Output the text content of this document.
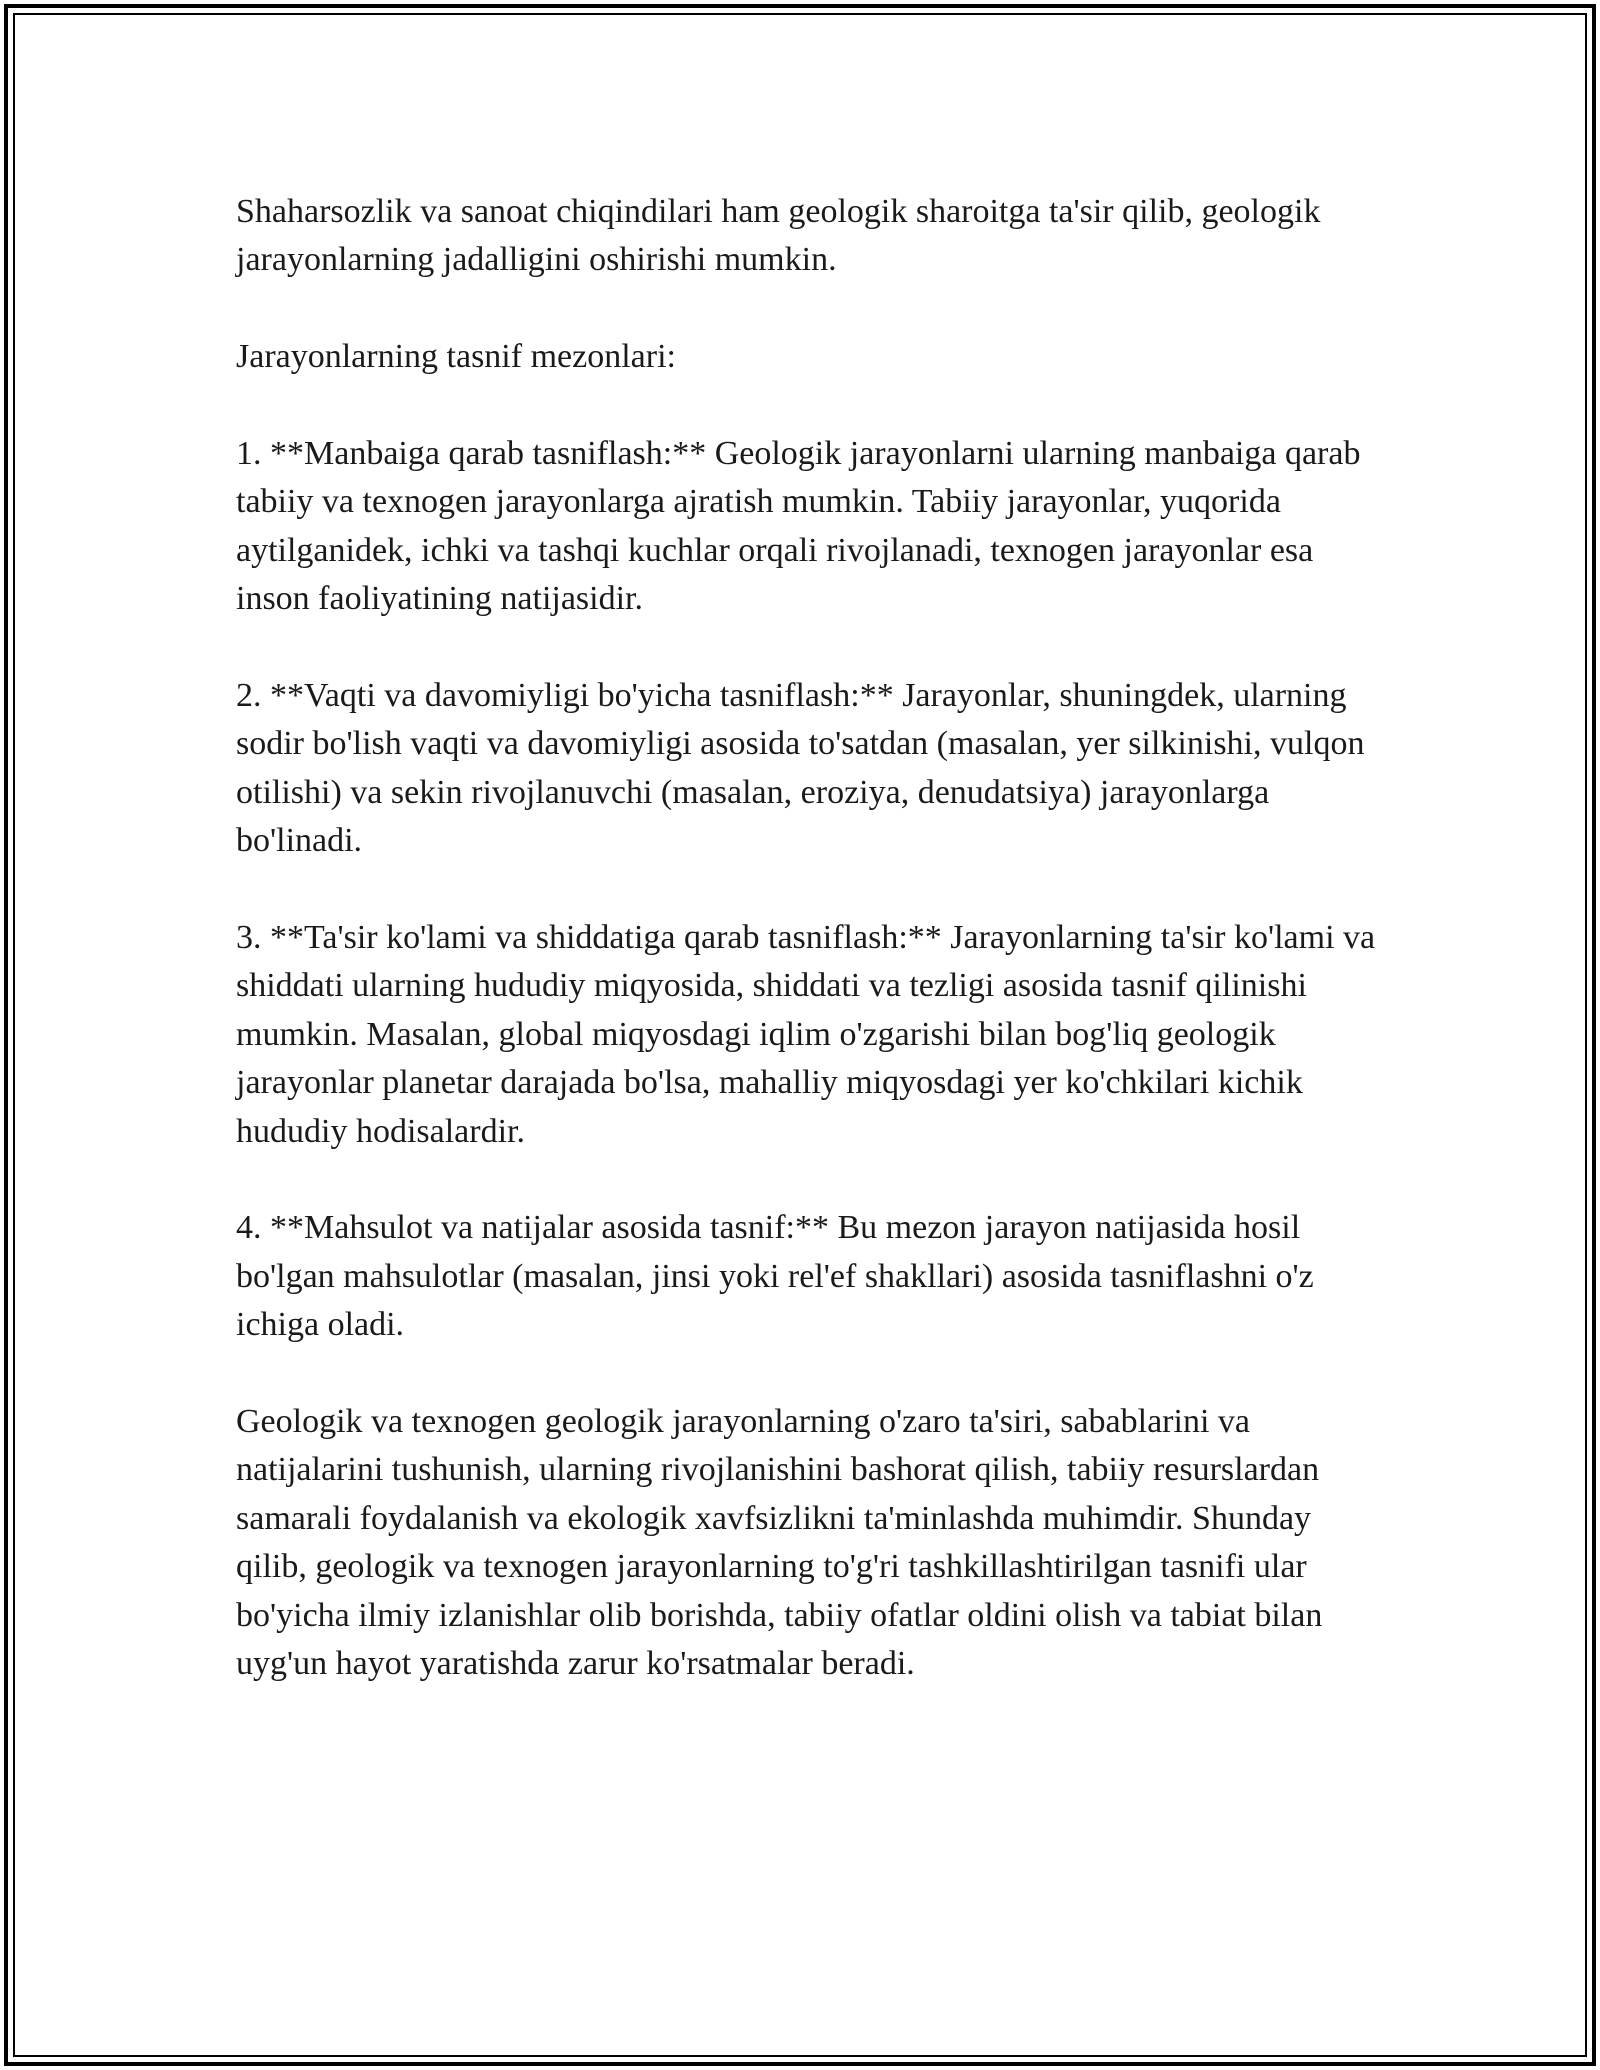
Shaharsozlik va sanoat chiqindilari ham geologik sharoitga ta'sir qilib, geologik jarayonlarning jadalligini oshirishi mumkin.

Jarayonlarning tasnif mezonlari:

1. **Manbaiga qarab tasniflash:** Geologik jarayonlarni ularning manbaiga qarab tabiiy va texnogen jarayonlarga ajratish mumkin. Tabiiy jarayonlar, yuqorida aytilganidek, ichki va tashqi kuchlar orqali rivojlanadi, texnogen jarayonlar esa inson faoliyatining natijasidir.

2. **Vaqti va davomiyligi bo'yicha tasniflash:** Jarayonlar, shuningdek, ularning sodir bo'lish vaqti va davomiyligi asosida to'satdan (masalan, yer silkinishi, vulqon otilishi) va sekin rivojlanuvchi (masalan, eroziya, denudatsiya) jarayonlarga bo'linadi.

3. **Ta'sir ko'lami va shiddatiga qarab tasniflash:** Jarayonlarning ta'sir ko'lami va shiddati ularning hududiy miqyosida, shiddati va tezligi asosida tasnif qilinishi mumkin. Masalan, global miqyosdagi iqlim o'zgarishi bilan bog'liq geologik jarayonlar planetar darajada bo'lsa, mahalliy miqyosdagi yer ko'chkilari kichik hududiy hodisalardir.

4. **Mahsulot va natijalar asosida tasnif:** Bu mezon jarayon natijasida hosil bo'lgan mahsulotlar (masalan, jinsi yoki rel'ef shakllari) asosida tasniflashni o'z ichiga oladi.

Geologik va texnogen geologik jarayonlarning o'zaro ta'siri, sabablarini va natijalarini tushunish, ularning rivojlanishini bashorat qilish, tabiiy resurslardan samarali foydalanish va ekologik xavfsizlikni ta'minlashda muhimdir. Shunday qilib, geologik va texnogen jarayonlarning to'g'ri tashkillashtirilgan tasnifi ular bo'yicha ilmiy izlanishlar olib borishda, tabiiy ofatlar oldini olish va tabiat bilan uyg'un hayot yaratishda zarur ko'rsatmalar beradi.
